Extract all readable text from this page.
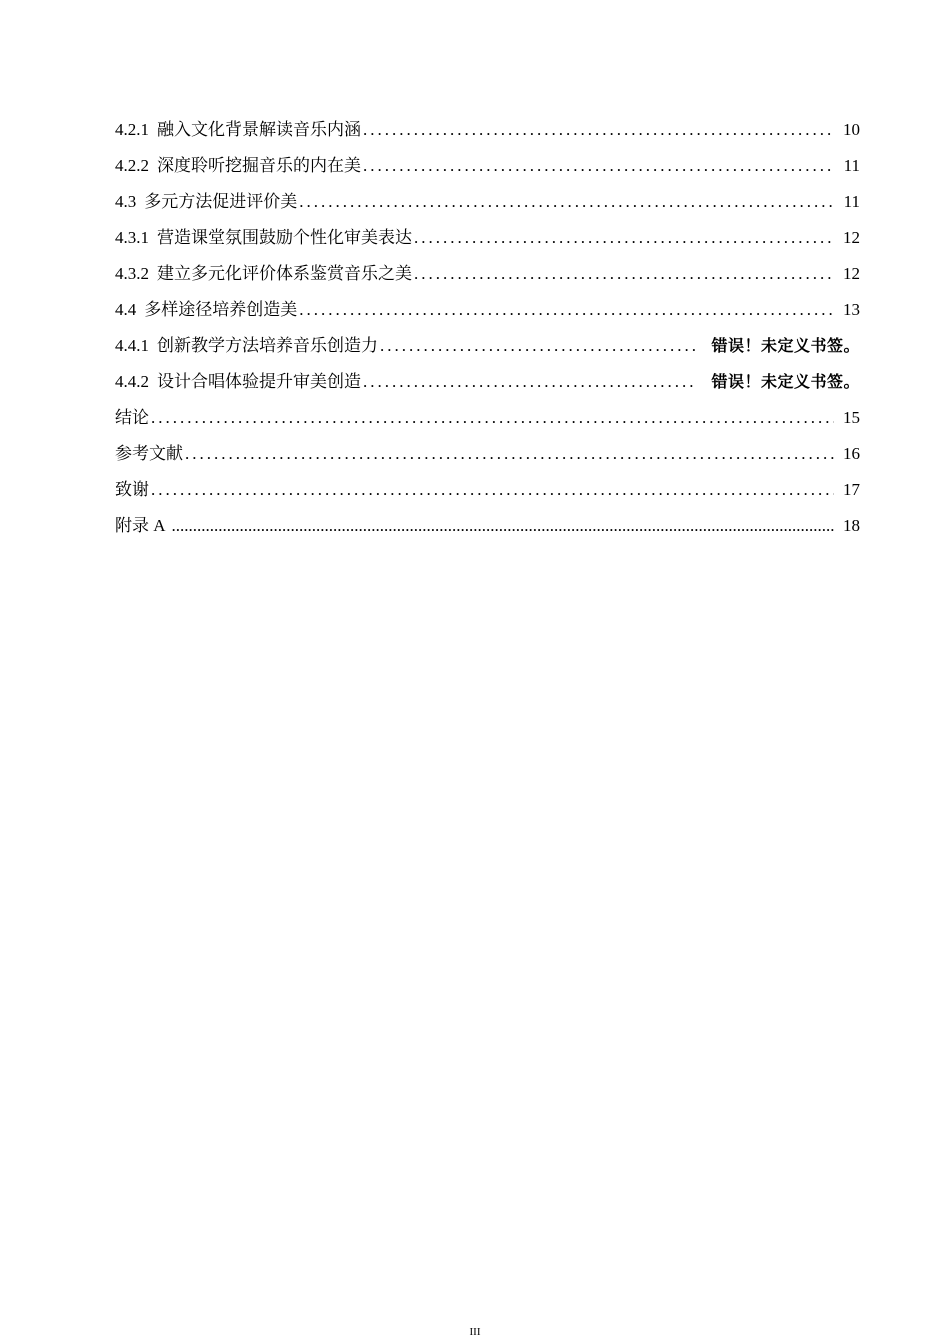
4.2.1 融入文化背景解读音乐内涵 .....	10
4.2.2 深度聆听挖掘音乐的内在美 .....	11
4.3 多元方法促进评价美 .....	11
4.3.1 营造课堂氛围鼓励个性化审美表达 .....	12
4.3.2 建立多元化评价体系鉴赏音乐之美 .....	12
4.4 多样途径培养创造美 .....	13
4.4.1 创新教学方法培养音乐创造力 .....	错误！未定义书签。
4.4.2 设计合唱体验提升审美创造 .....	错误！未定义书签。
结论 .....	15
参考文献 .....	16
致谢 .....	17
附录 A .....	18
III
